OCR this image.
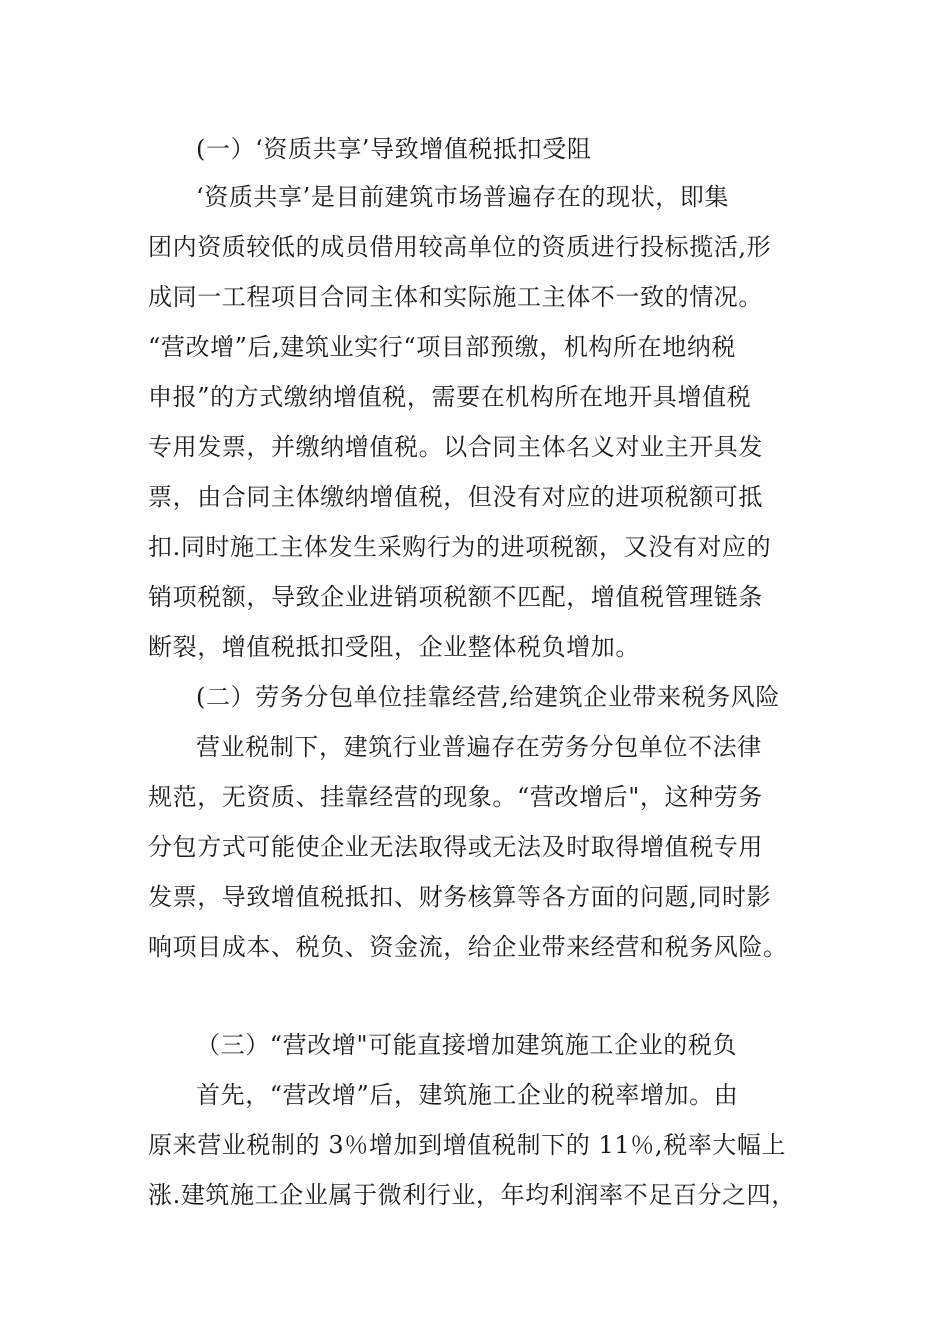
(一）‘资质共享’导致增值税抵扣受阻
‘资质共享’是目前建筑市场普遍存在的现状，即集
团内资质较低的成员借用较高单位的资质进行投标揽活,形
成同一工程项目合同主体和实际施工主体不一致的情况。
“营改增”后,建筑业实行“项目部预缴，机构所在地纳税
申报”的方式缴纳增值税，需要在机构所在地开具增值税
专用发票，并缴纳增值税。以合同主体名义对业主开具发
票，由合同主体缴纳增值税，但没有对应的进项税额可抵
扣.同时施工主体发生采购行为的进项税额，又没有对应的
销项税额，导致企业进销项税额不匹配，增值税管理链条
断裂，增值税抵扣受阻，企业整体税负增加。
(二）劳务分包单位挂靠经营,给建筑企业带来税务风险
营业税制下，建筑行业普遍存在劳务分包单位不法律
规范，无资质、挂靠经营的现象。“营改增后"，这种劳务
分包方式可能使企业无法取得或无法及时取得增值税专用
发票，导致增值税抵扣、财务核算等各方面的问题,同时影
响项目成本、税负、资金流，给企业带来经营和税务风险。
（三）“营改增"可能直接增加建筑施工企业的税负
首先，“营改增”后，建筑施工企业的税率增加。由
原来营业税制的 3％增加到增值税制下的 11％,税率大幅上
涨.建筑施工企业属于微利行业，年均利润率不足百分之四，
